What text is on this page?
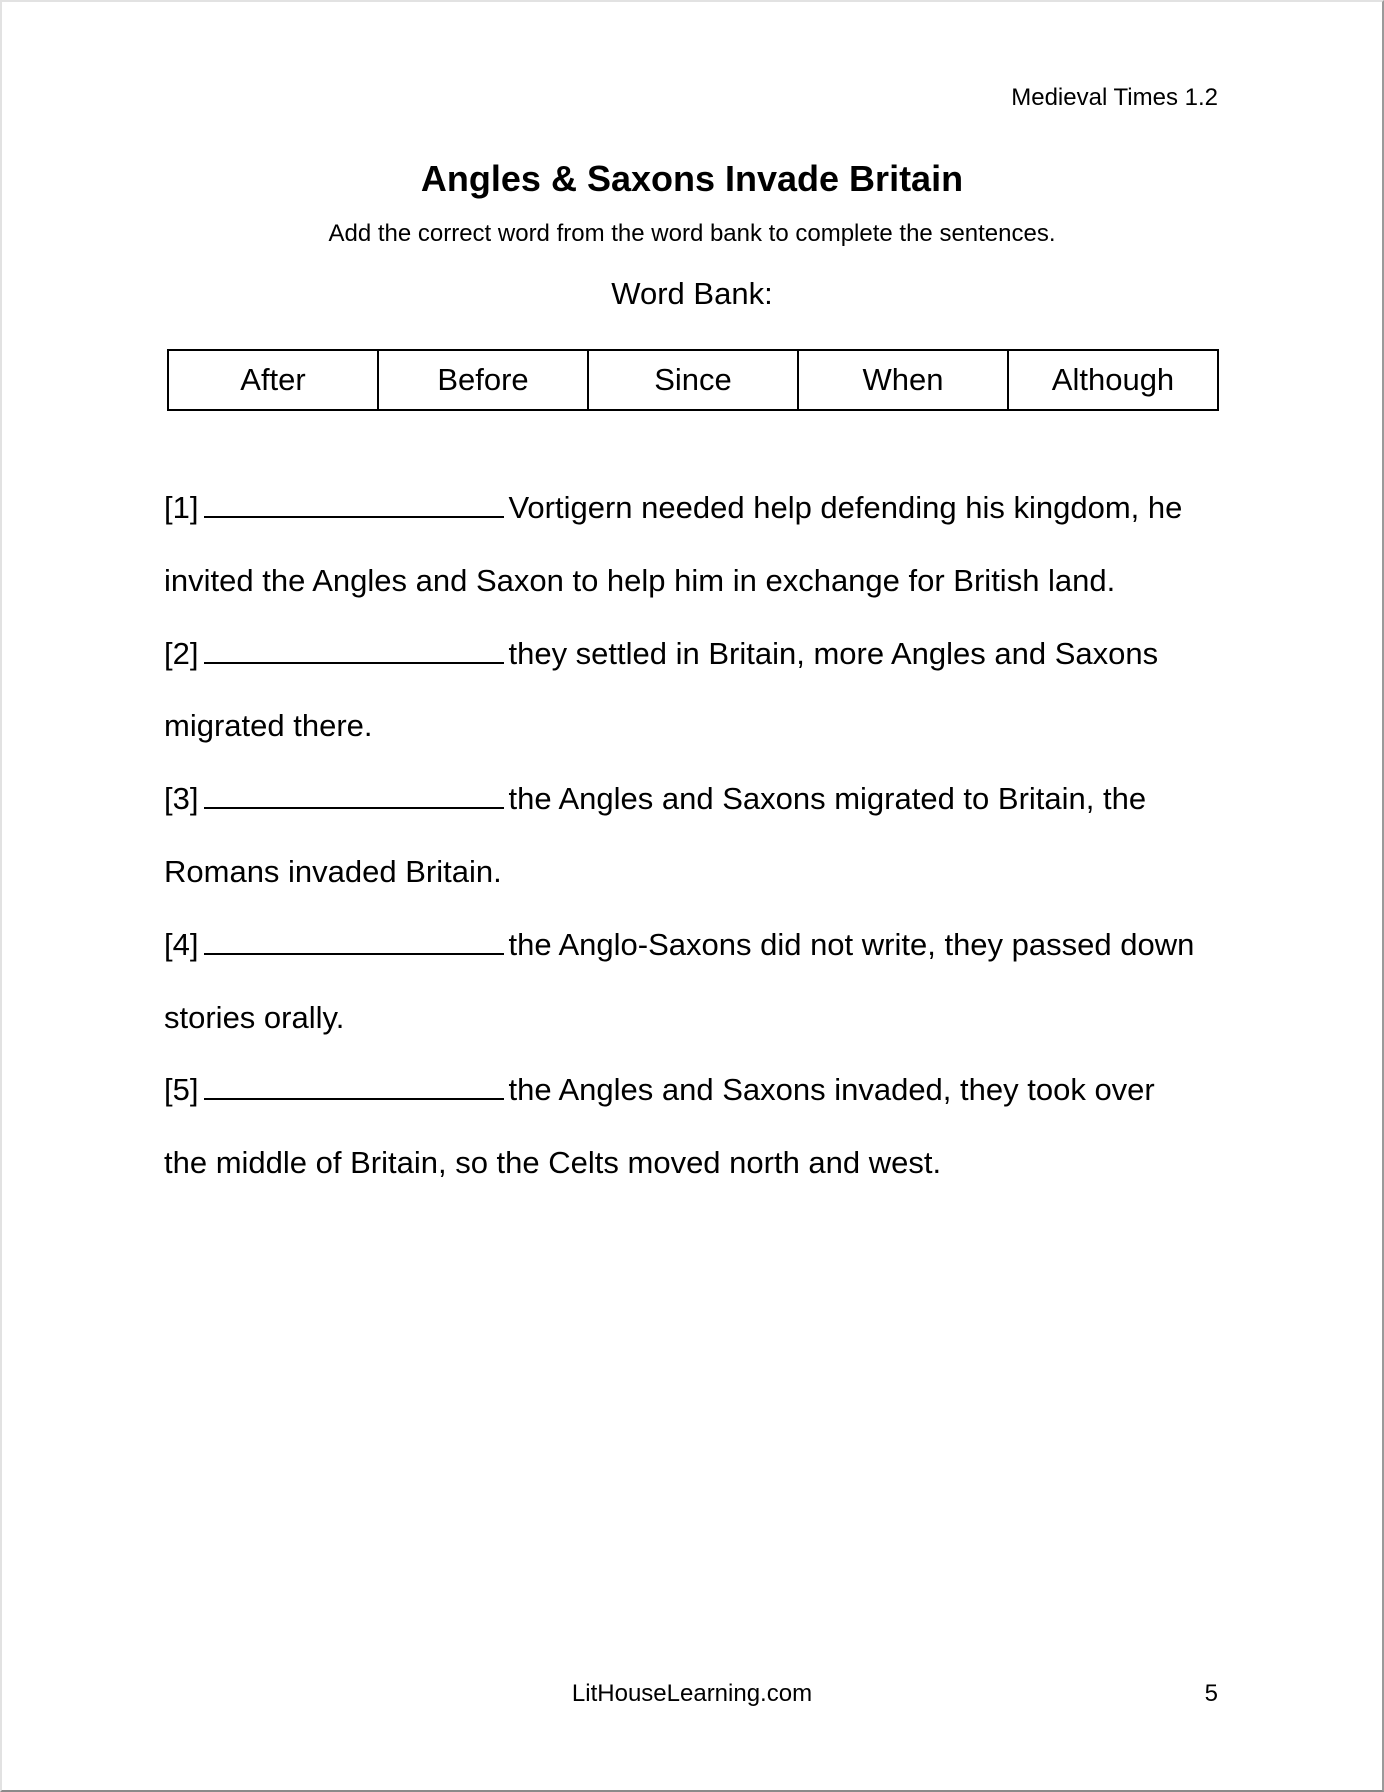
Medieval Times 1.2
Angles & Saxons Invade Britain
Add the correct word from the word bank to complete the sentences.
Word Bank:
After	Before	Since	When	Although
[1]	Vortigern needed help defending his kingdom, he
invited the Angles and Saxon to help him in exchange for British land.
[2]	they settled in Britain, more Angles and Saxons
migrated there.
[3]	the Angles and Saxons migrated to Britain, the
Romans invaded Britain.
[4]	the Anglo-Saxons did not write, they passed down
stories orally.
[5]	the Angles and Saxons invaded, they took over
the middle of Britain, so the Celts moved north and west.
LitHouseLearning.com	5
